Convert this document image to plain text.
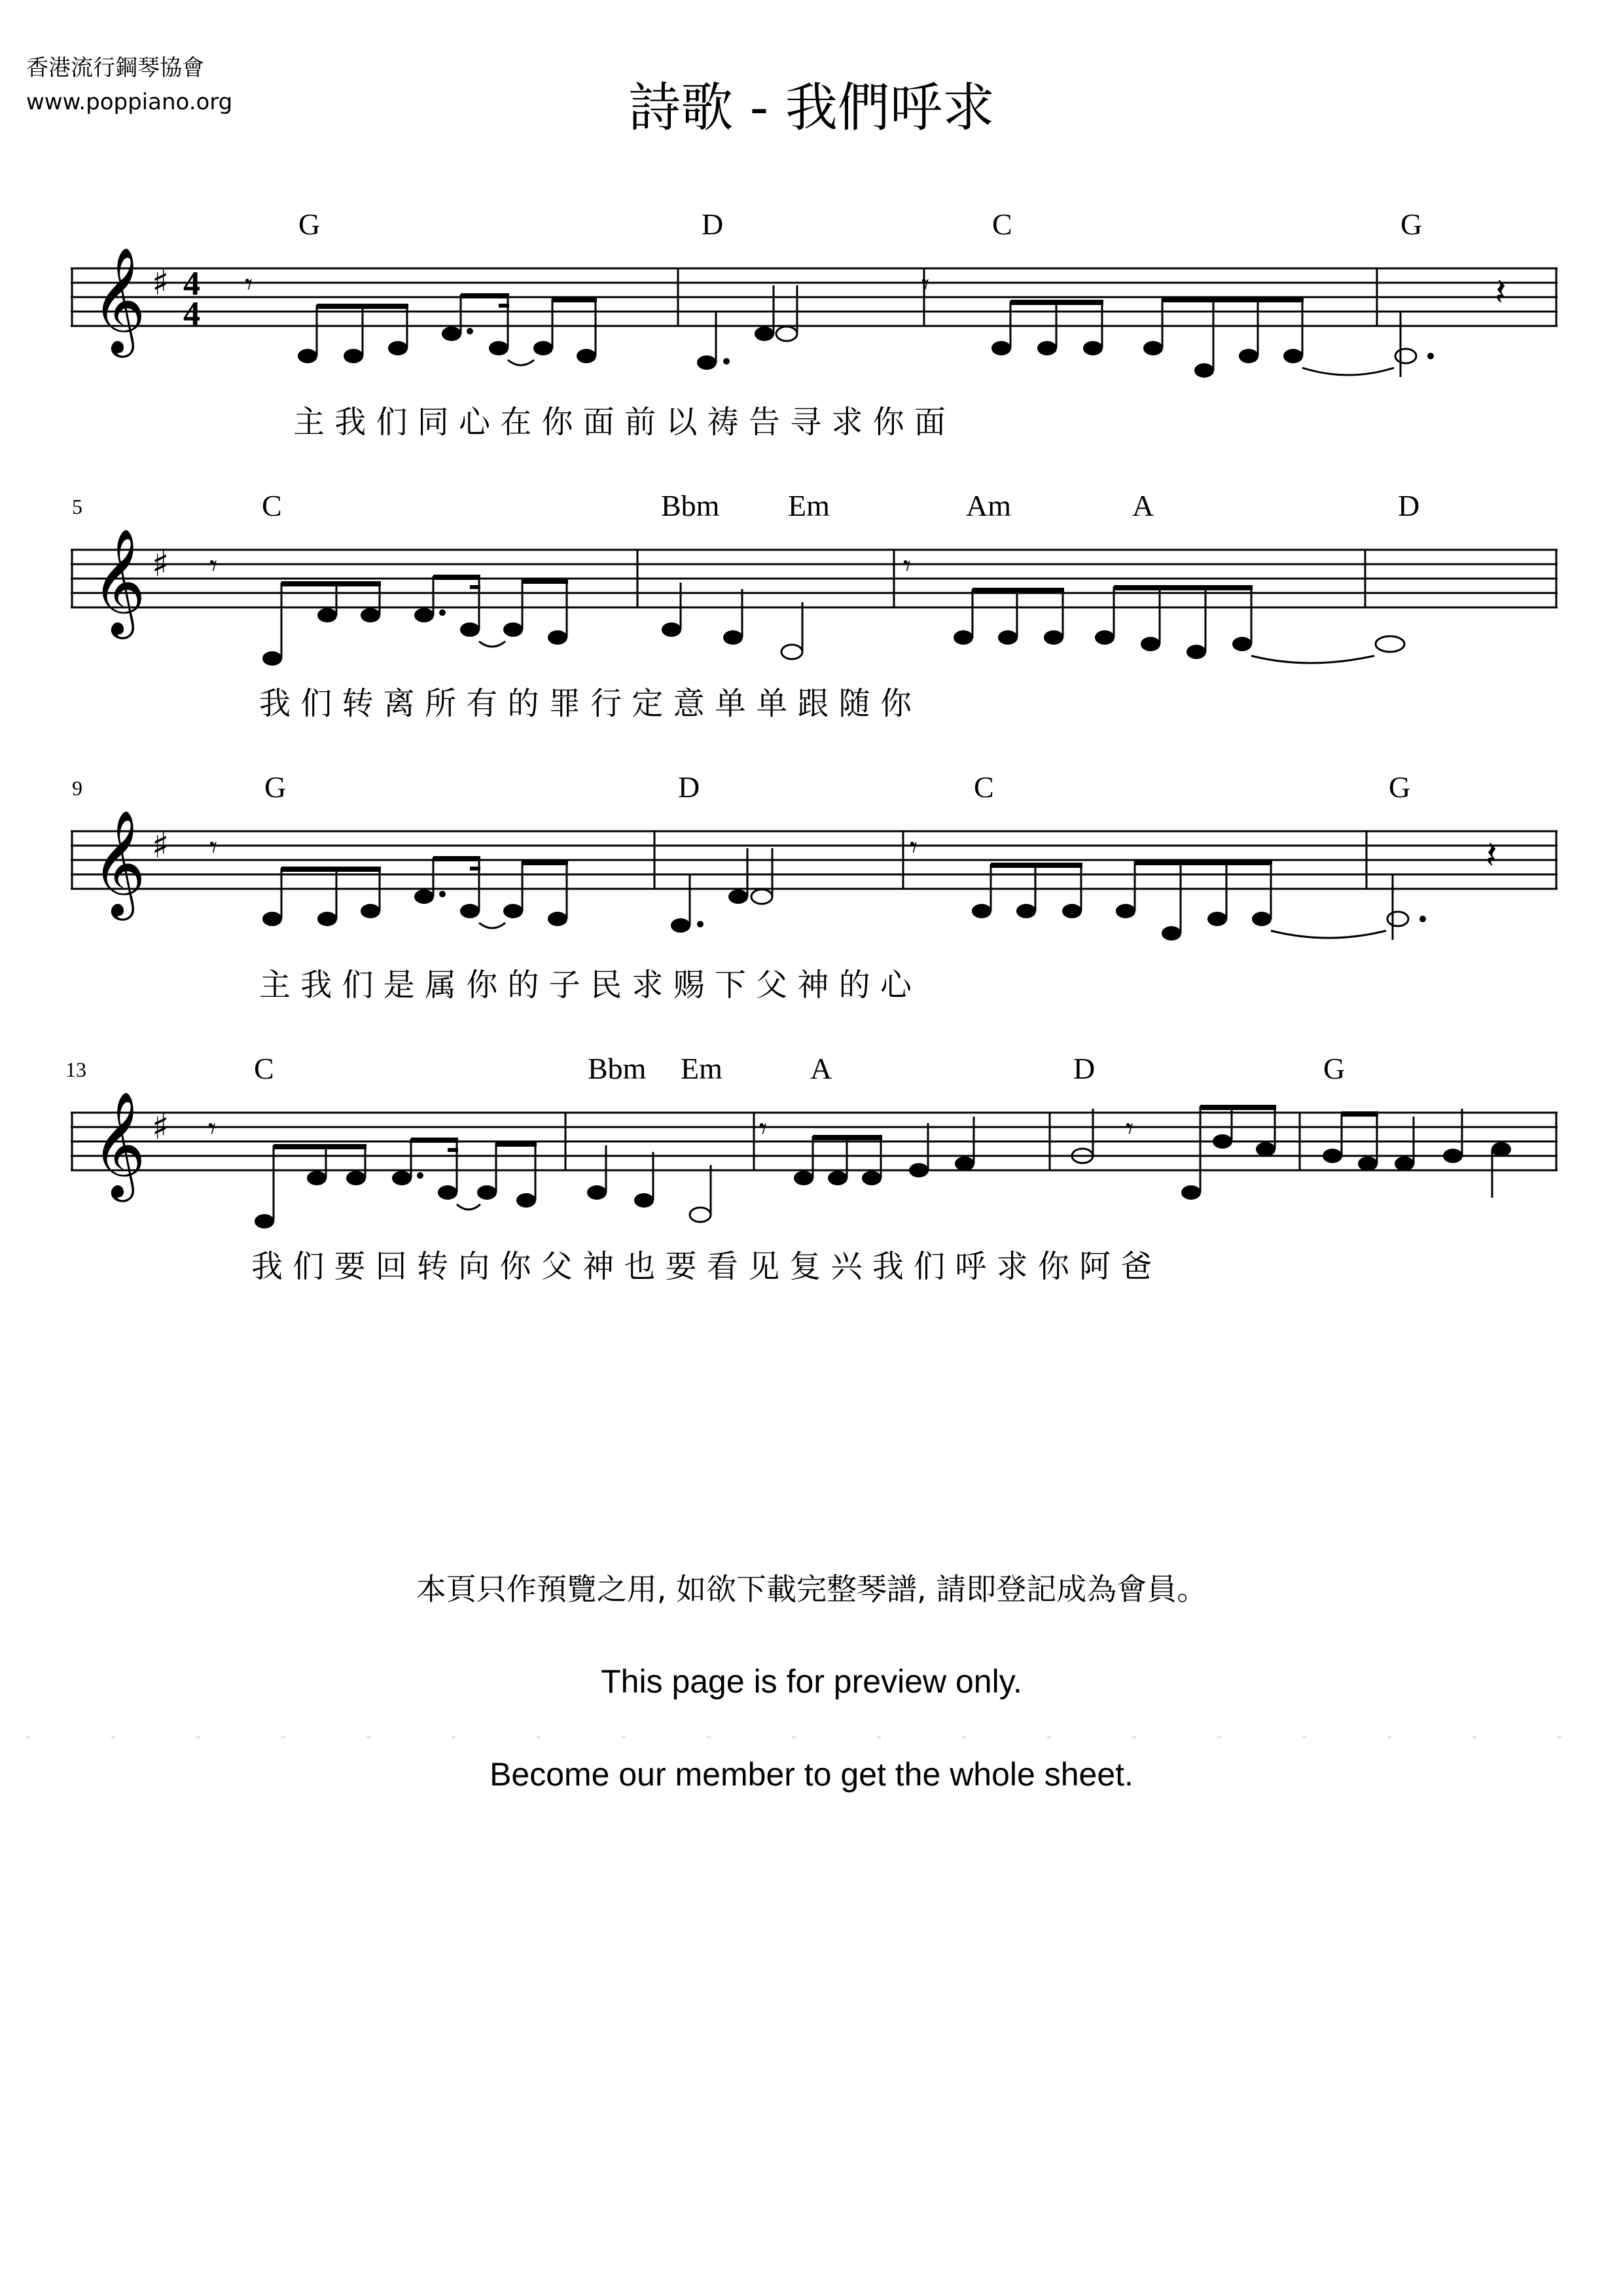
香港流行鋼琴協會
www.poppiano.org	詩歌 - 我們呼求
G	D	C	G
𝄞 ♯ 4
4
𝄾	𝄽
𝄾
主 我 们 同 心 在 你 面 前 以 祷 告 寻 求 你 面
5	C	Bbm Em	Am	A	D
𝄞 ♯ 𝄾	𝄾
我 们 转 离 所 有 的 罪 行 定 意 单 单 跟 随 你
9	G	D	C	G
𝄞 ♯ 𝄾	𝄾	𝄽
主 我 们 是 属 你 的 子 民 求 赐 下 父 神 的 心
13	C	Bbm Em	A	D	G
𝄞 ♯ 𝄾	𝄾	𝄾
我 们 要 回 转 向 你 父 神 也 要 看 见 复 兴 我 们 呼 求 你 阿 爸
本頁只作預覽之用, 如欲下載完整琴譜, 請即登記成為會員。
This page is for preview only.
Become our member to get the whole sheet.
